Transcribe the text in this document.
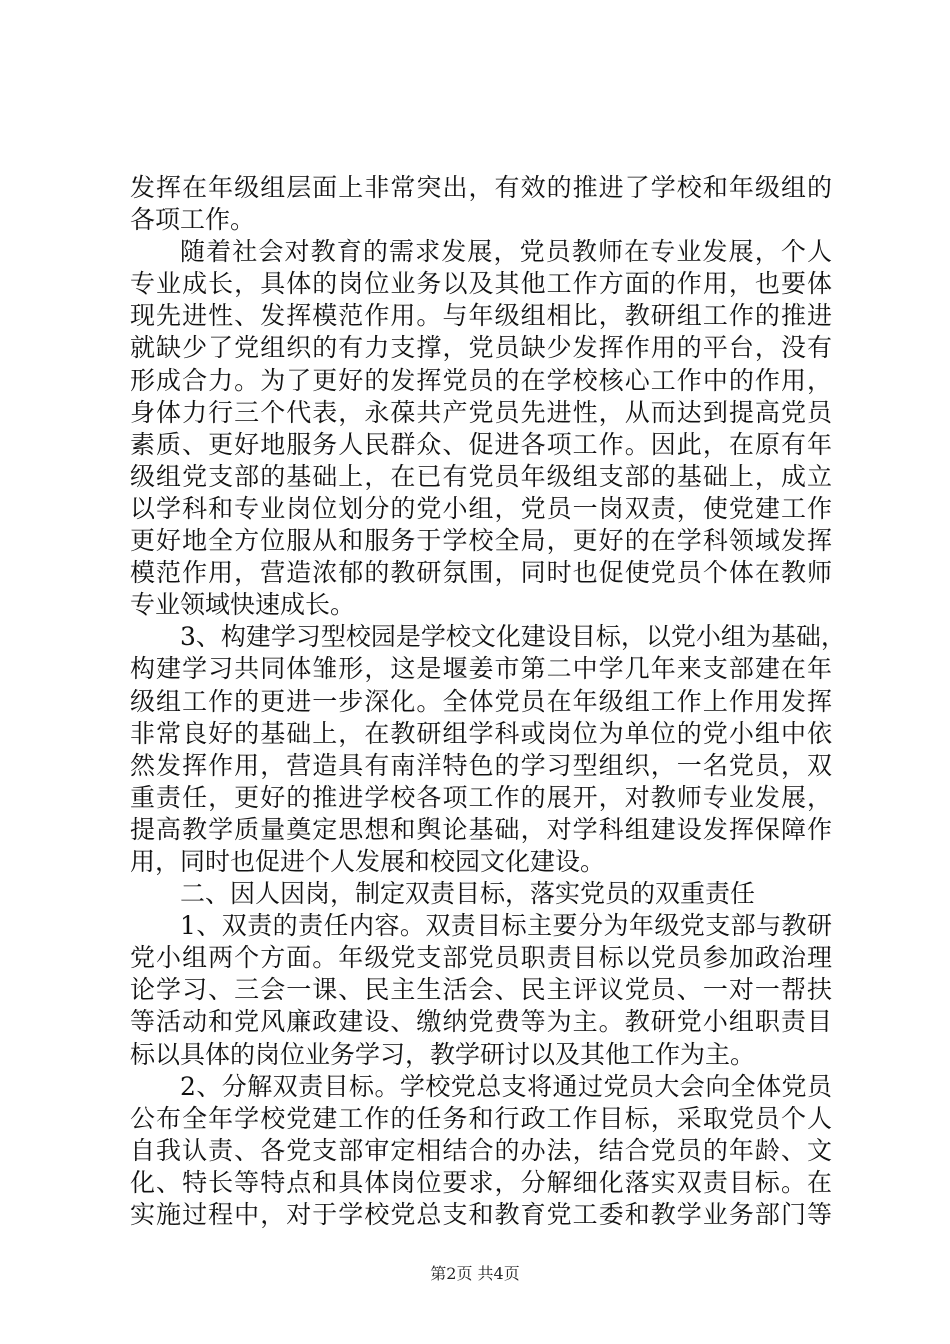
发挥在年级组层面上非常突出，有效的推进了学校和年级组的
各项工作。
随着社会对教育的需求发展，党员教师在专业发展，个人
专业成长，具体的岗位业务以及其他工作方面的作用，也要体
现先进性、发挥模范作用。与年级组相比，教研组工作的推进
就缺少了党组织的有力支撑，党员缺少发挥作用的平台，没有
形成合力。为了更好的发挥党员的在学校核心工作中的作用，
身体力行三个代表，永葆共产党员先进性，从而达到提高党员
素质、更好地服务人民群众、促进各项工作。因此，在原有年
级组党支部的基础上，在已有党员年级组支部的基础上，成立
以学科和专业岗位划分的党小组，党员一岗双责，使党建工作
更好地全方位服从和服务于学校全局，更好的在学科领域发挥
模范作用，营造浓郁的教研氛围，同时也促使党员个体在教师
专业领域快速成长。
3、构建学习型校园是学校文化建设目标，以党小组为基础，
构建学习共同体雏形，这是堰姜市第二中学几年来支部建在年
级组工作的更进一步深化。全体党员在年级组工作上作用发挥
非常良好的基础上，在教研组学科或岗位为单位的党小组中依
然发挥作用，营造具有南洋特色的学习型组织，一名党员，双
重责任，更好的推进学校各项工作的展开，对教师专业发展，
提高教学质量奠定思想和舆论基础，对学科组建设发挥保障作
用，同时也促进个人发展和校园文化建设。
二、因人因岗，制定双责目标，落实党员的双重责任
1、双责的责任内容。双责目标主要分为年级党支部与教研
党小组两个方面。年级党支部党员职责目标以党员参加政治理
论学习、三会一课、民主生活会、民主评议党员、一对一帮扶
等活动和党风廉政建设、缴纳党费等为主。教研党小组职责目
标以具体的岗位业务学习，教学研讨以及其他工作为主。
2、分解双责目标。学校党总支将通过党员大会向全体党员
公布全年学校党建工作的任务和行政工作目标，采取党员个人
自我认责、各党支部审定相结合的办法，结合党员的年龄、文
化、特长等特点和具体岗位要求，分解细化落实双责目标。在
实施过程中，对于学校党总支和教育党工委和教学业务部门等
第2页 共4页
